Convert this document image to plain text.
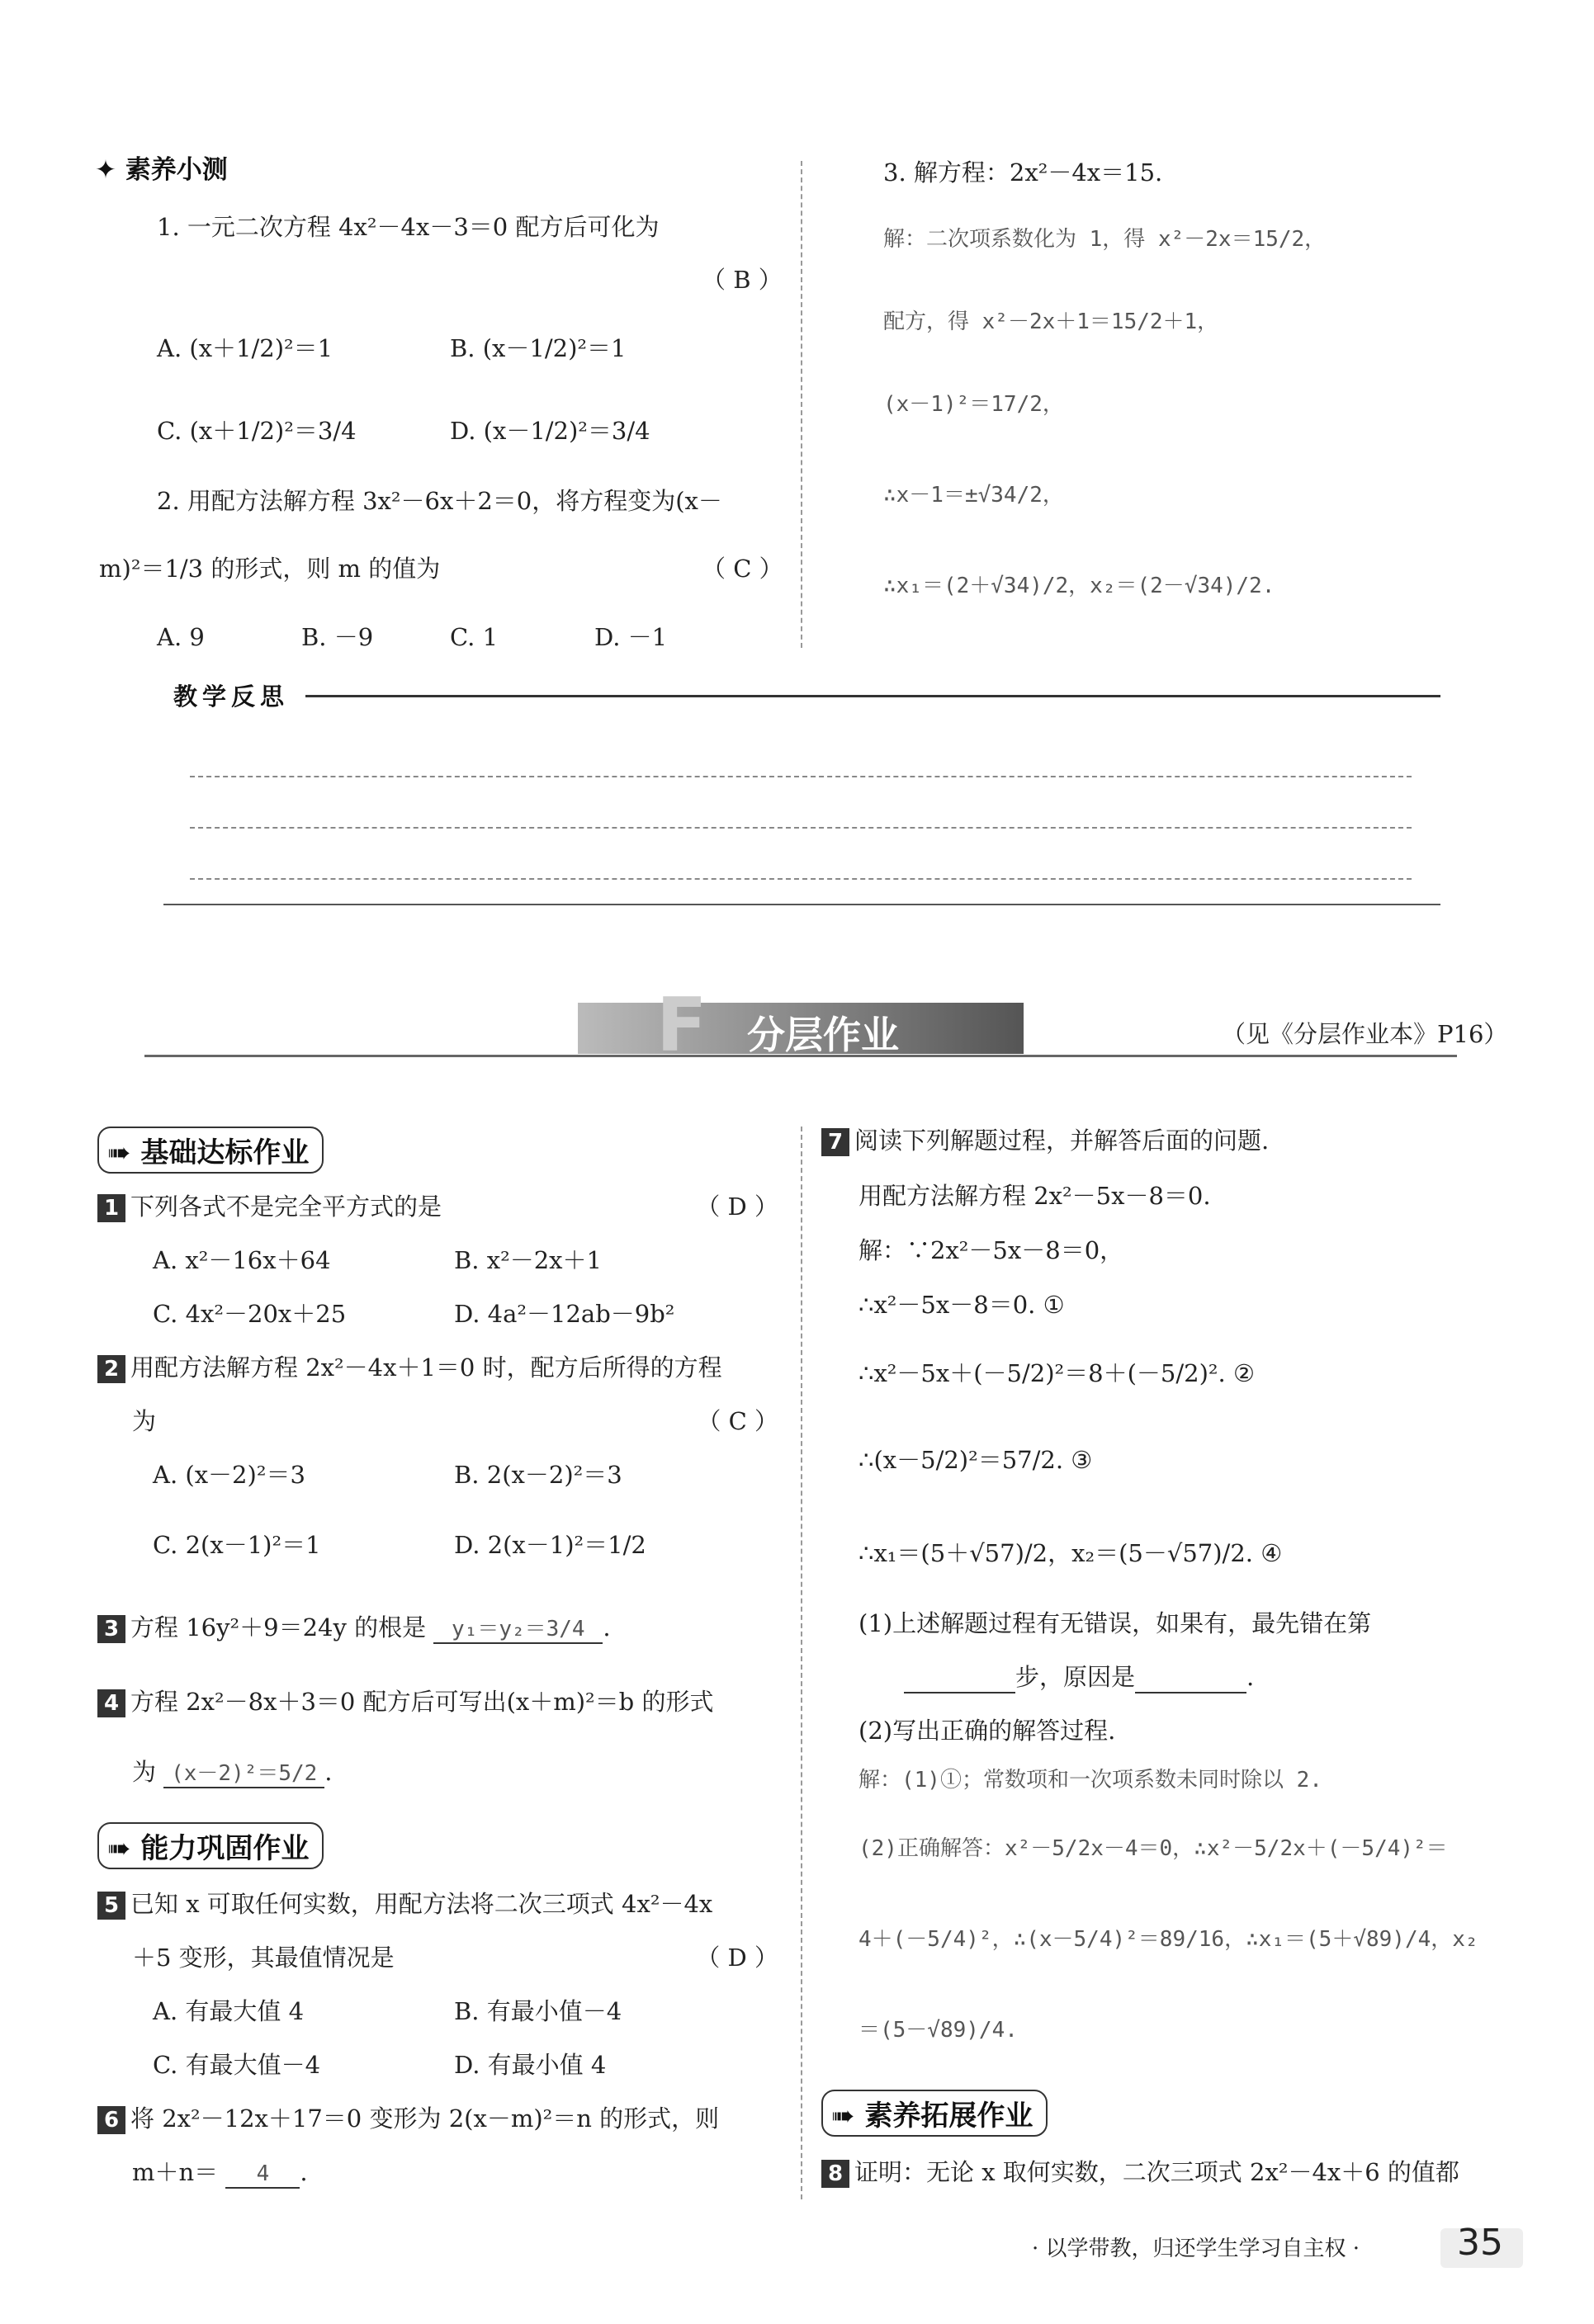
✦ 素养小测
1. 一元二次方程 4x²－4x－3＝0 配方后可化为
（ B ）
A. (x＋1/2)²＝1	B. (x－1/2)²＝1
C. (x＋1/2)²＝3/4	D. (x－1/2)²＝3/4
2. 用配方法解方程 3x²－6x＋2＝0，将方程变为(x－
m)²＝1/3 的形式，则 m 的值为	（ C ）
A. 9	B. －9	C. 1	D. －1
3. 解方程：2x²－4x＝15.
解：二次项系数化为 1，得 x²－2x＝15/2，
配方，得 x²－2x＋1＝15/2＋1，
(x－1)²＝17/2，
∴x－1＝±√34/2，
∴x₁＝(2＋√34)/2，x₂＝(2－√34)/2.
教学反思
F 分层作业	（见《分层作业本》P16）
➠ 基础达标作业
1 下列各式不是完全平方式的是	（ D ）
A. x²－16x＋64	B. x²－2x＋1
C. 4x²－20x＋25	D. 4a²－12ab－9b²
2 用配方法解方程 2x²－4x＋1＝0 时，配方后所得的方程
为	（ C ）
A. (x－2)²＝3	B. 2(x－2)²＝3
C. 2(x－1)²＝1	D. 2(x－1)²＝1/2
3 方程 16y²＋9＝24y 的根是 y₁＝y₂＝3/4 .
4 方程 2x²－8x＋3＝0 配方后可写出(x＋m)²＝b 的形式
为 (x－2)²＝5/2 .
➠ 能力巩固作业
5 已知 x 可取任何实数，用配方法将二次三项式 4x²－4x
＋5 变形，其最值情况是	（ D ）
A. 有最大值 4	B. 有最小值－4
C. 有最大值－4	D. 有最小值 4
6 将 2x²－12x＋17＝0 变形为 2(x－m)²＝n 的形式，则
m＋n＝ 4 .
7 阅读下列解题过程，并解答后面的问题.
用配方法解方程 2x²－5x－8＝0.
解：∵2x²－5x－8＝0，
∴x²－5x－8＝0. ①
∴x²－5x＋(－5/2)²＝8＋(－5/2)². ②
∴(x－5/2)²＝57/2. ③
∴x₁＝(5＋√57)/2，x₂＝(5－√57)/2. ④
(1)上述解题过程有无错误，如果有，最先错在第
步，原因是	.
(2)写出正确的解答过程.
解：(1)①；常数项和一次项系数未同时除以 2.
(2)正确解答：x²－5/2x－4＝0，∴x²－5/2x＋(－5/4)²＝
4＋(－5/4)²，∴(x－5/4)²＝89/16，∴x₁＝(5＋√89)/4，x₂
＝(5－√89)/4.
➠ 素养拓展作业
8 证明：无论 x 取何实数，二次三项式 2x²－4x＋6 的值都
· 以学带教，归还学生学习自主权 ·	35
